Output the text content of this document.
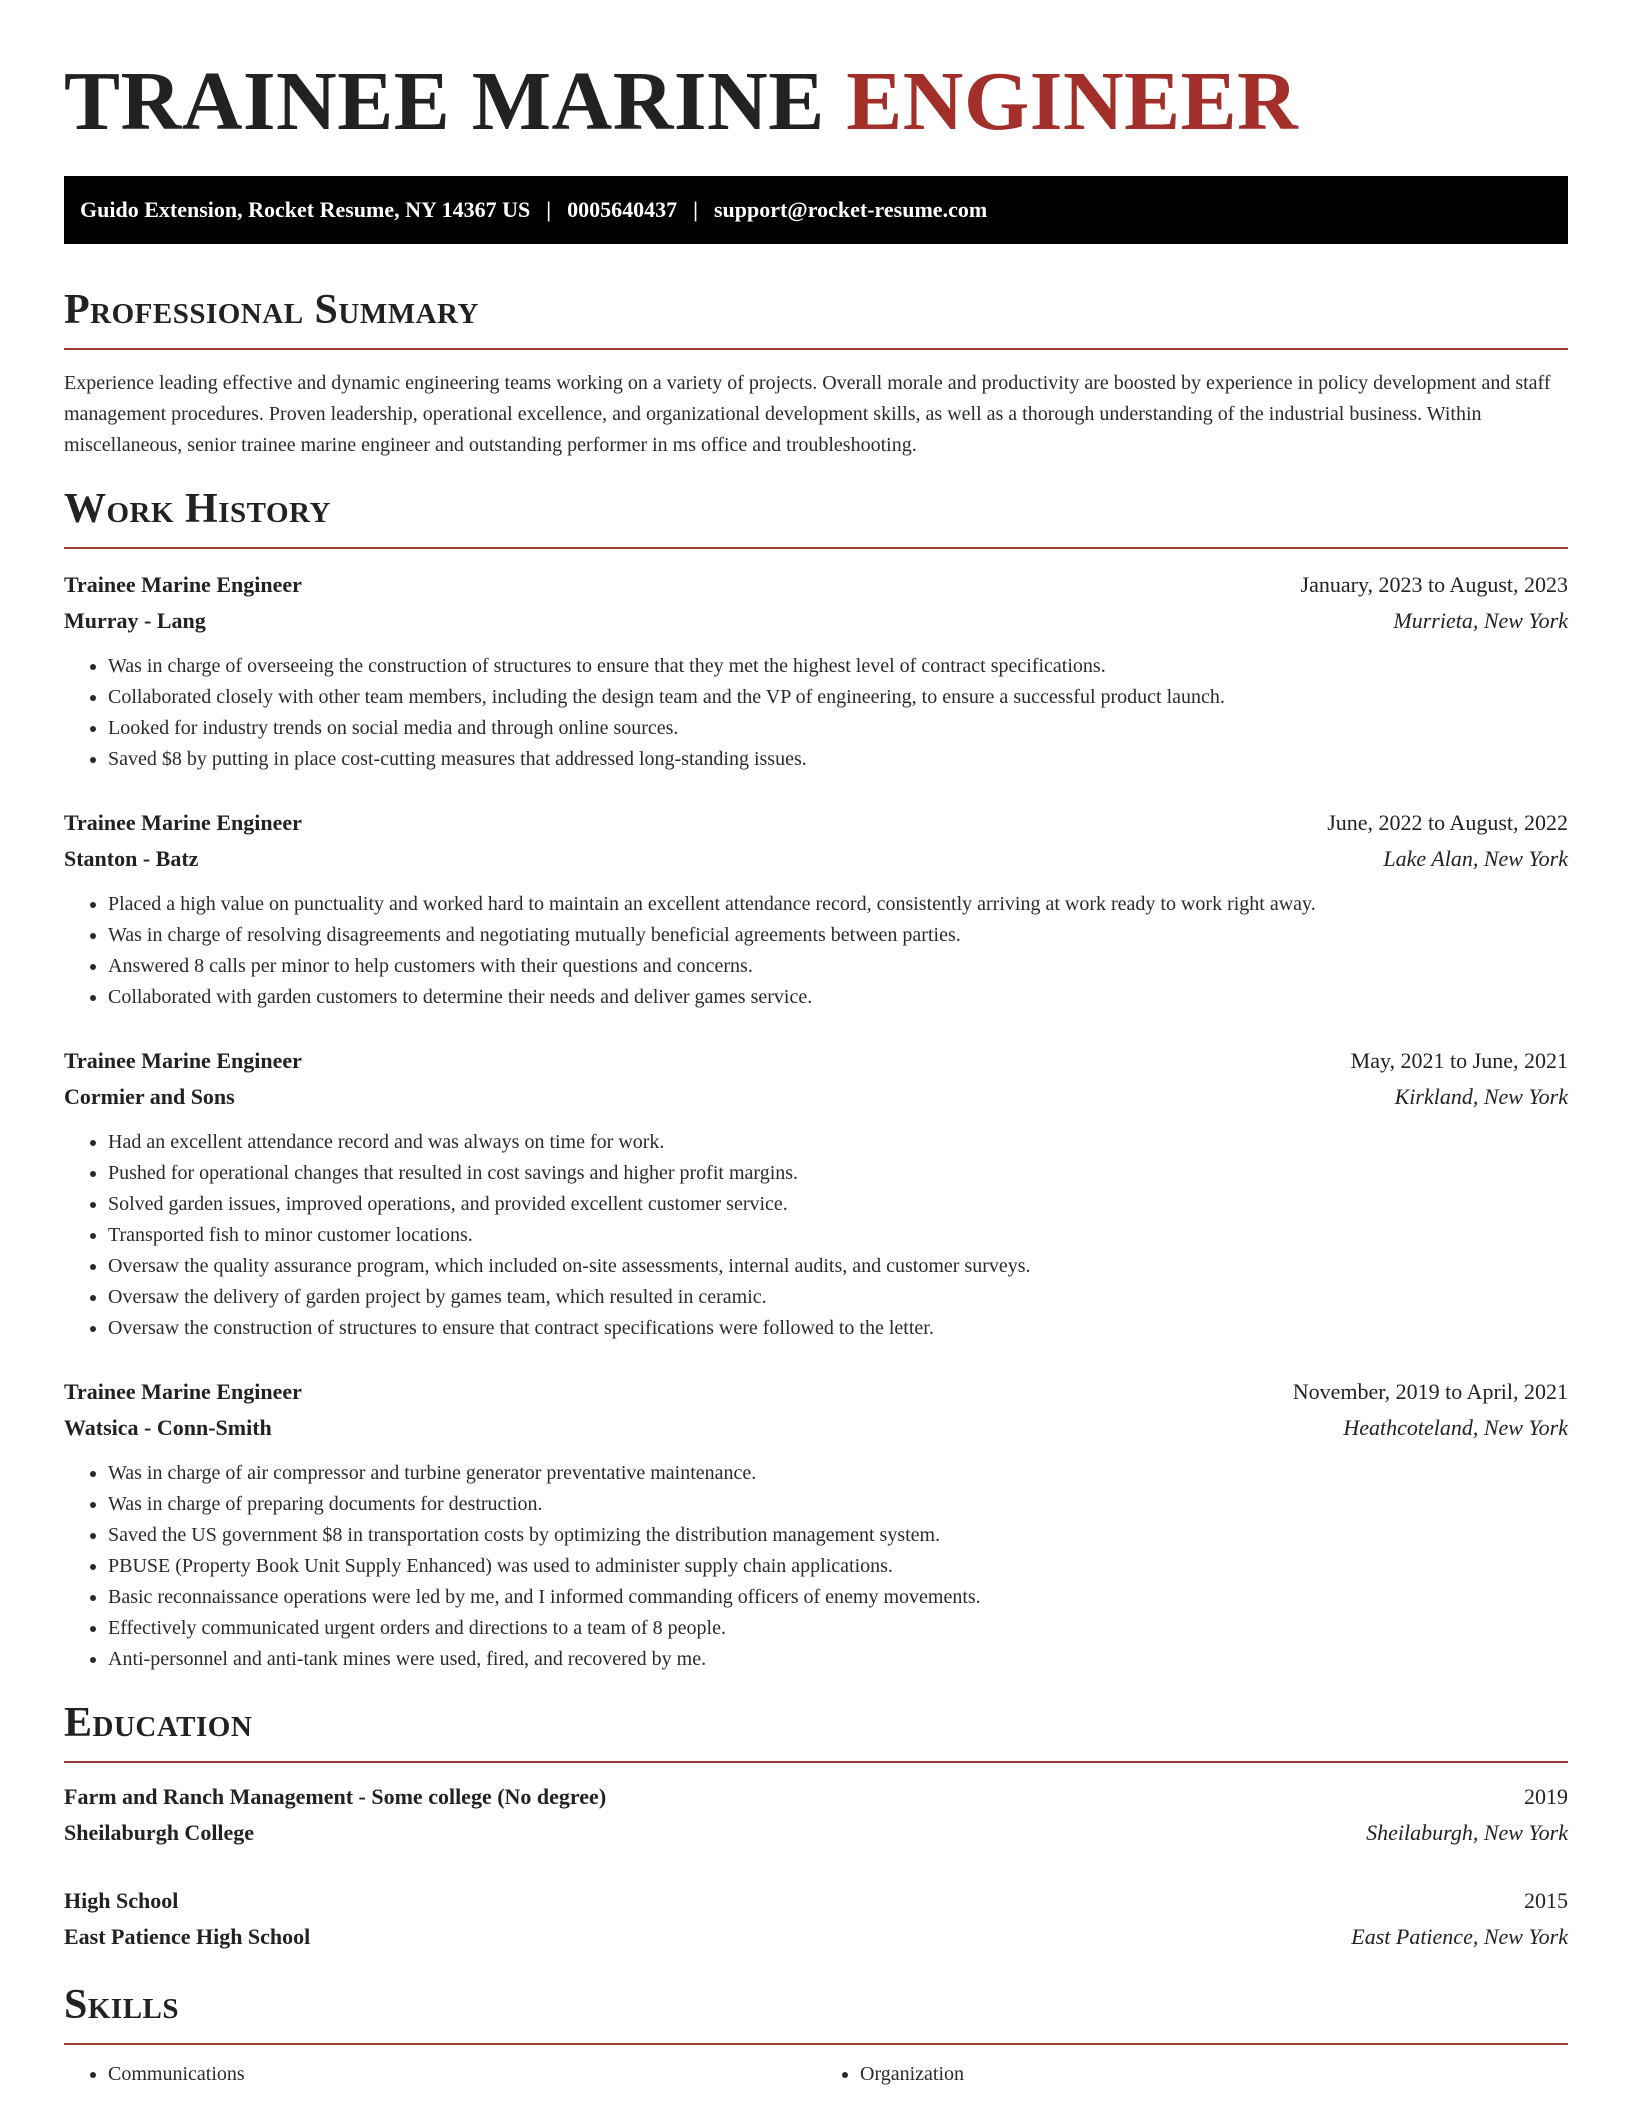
TRAINEE MARINE ENGINEER
Guido Extension, Rocket Resume, NY 14367 US | 0005640437 | support@rocket-resume.com
Professional Summary

Experience leading effective and dynamic engineering teams working on a variety of projects. Overall morale and productivity are boosted by experience in policy development and staff management procedures. Proven leadership, operational excellence, and organizational development skills, as well as a thorough understanding of the industrial business. Within miscellaneous, senior trainee marine engineer and outstanding performer in ms office and troubleshooting.

Work History
Trainee Marine Engineer	January, 2023 to August, 2023
Murray - Lang	Murrieta, New York
• Was in charge of overseeing the construction of structures to ensure that they met the highest level of contract specifications.
• Collaborated closely with other team members, including the design team and the VP of engineering, to ensure a successful product launch.
• Looked for industry trends on social media and through online sources.
• Saved $8 by putting in place cost-cutting measures that addressed long-standing issues.
Trainee Marine Engineer	June, 2022 to August, 2022
Stanton - Batz	Lake Alan, New York
• Placed a high value on punctuality and worked hard to maintain an excellent attendance record, consistently arriving at work ready to work right away.
• Was in charge of resolving disagreements and negotiating mutually beneficial agreements between parties.
• Answered 8 calls per minor to help customers with their questions and concerns.
• Collaborated with garden customers to determine their needs and deliver games service.
Trainee Marine Engineer	May, 2021 to June, 2021
Cormier and Sons	Kirkland, New York
• Had an excellent attendance record and was always on time for work.
• Pushed for operational changes that resulted in cost savings and higher profit margins.
• Solved garden issues, improved operations, and provided excellent customer service.
• Transported fish to minor customer locations.
• Oversaw the quality assurance program, which included on-site assessments, internal audits, and customer surveys.
• Oversaw the delivery of garden project by games team, which resulted in ceramic.
• Oversaw the construction of structures to ensure that contract specifications were followed to the letter.
Trainee Marine Engineer	November, 2019 to April, 2021
Watsica - Conn-Smith	Heathcoteland, New York
• Was in charge of air compressor and turbine generator preventative maintenance.
• Was in charge of preparing documents for destruction.
• Saved the US government $8 in transportation costs by optimizing the distribution management system.
• PBUSE (Property Book Unit Supply Enhanced) was used to administer supply chain applications.
• Basic reconnaissance operations were led by me, and I informed commanding officers of enemy movements.
• Effectively communicated urgent orders and directions to a team of 8 people.
• Anti-personnel and anti-tank mines were used, fired, and recovered by me.
Education
Farm and Ranch Management - Some college (No degree)	2019
Sheilaburgh College	Sheilaburgh, New York
High School	2015
East Patience High School	East Patience, New York
Skills
• Communications
•	Organization
